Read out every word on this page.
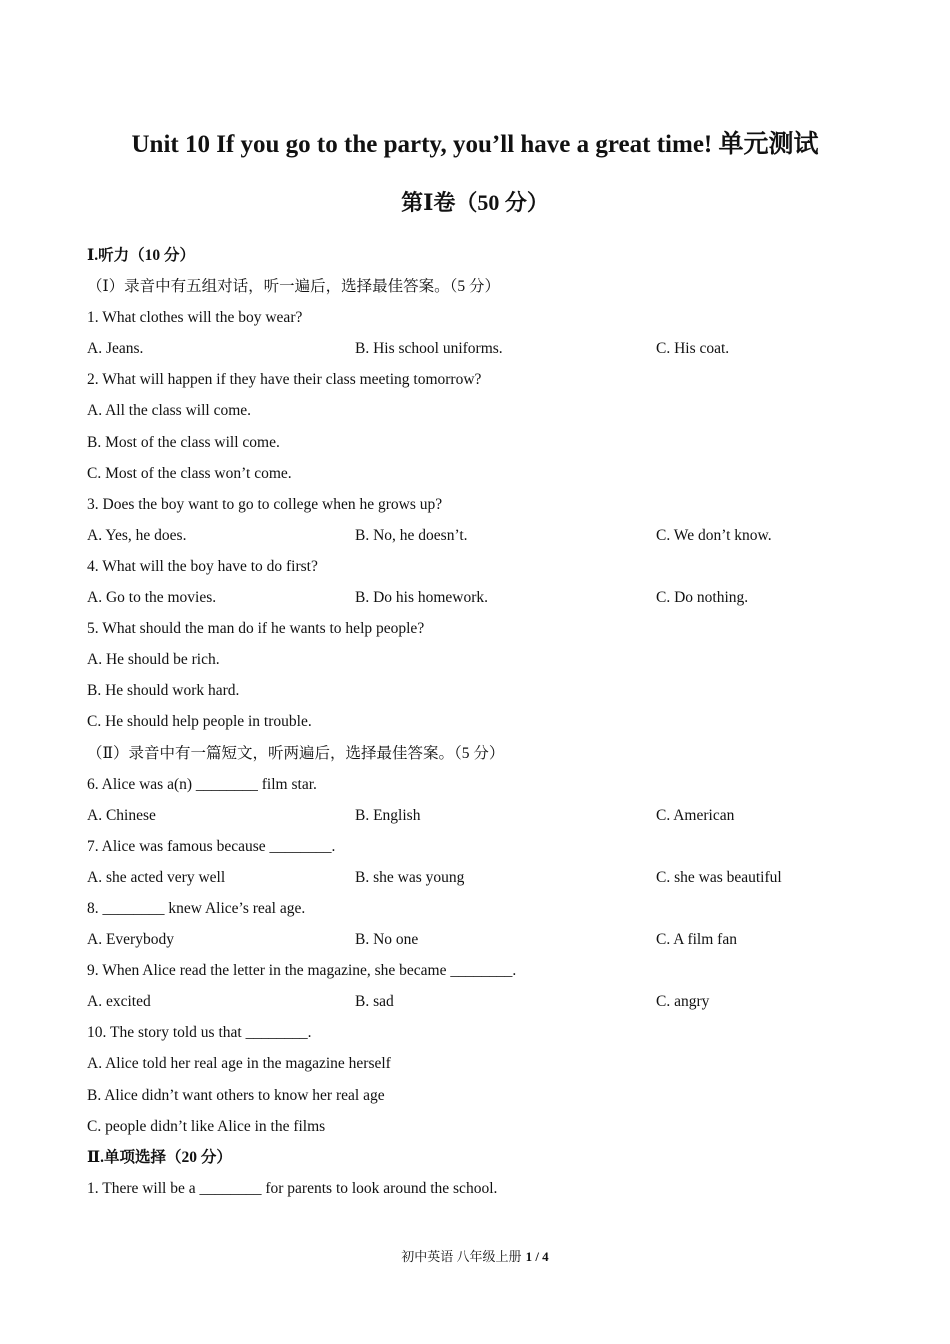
Unit 10 If you go to the party, you’ll have a great time! 单元测试
第Ⅰ卷（50 分）
Ⅰ.听力（10 分）
（Ⅰ）录音中有五组对话，听一遍后，选择最佳答案。（5 分）
1. What clothes will the boy wear?
A. Jeans.	B. His school uniforms.	C. His coat.
2. What will happen if they have their class meeting tomorrow?
A. All the class will come.
B. Most of the class will come.
C. Most of the class won’t come.
3. Does the boy want to go to college when he grows up?
A. Yes, he does.	B. No, he doesn’t.	C. We don’t know.
4. What will the boy have to do first?
A. Go to the movies.	B. Do his homework.	C. Do nothing.
5. What should the man do if he wants to help people?
A. He should be rich.
B. He should work hard.
C. He should help people in trouble.
（Ⅱ）录音中有一篇短文，听两遍后，选择最佳答案。（5 分）
6. Alice was a(n) ________ film star.
A. Chinese	B. English	C. American
7. Alice was famous because ________.
A. she acted very well	B. she was young	C. she was beautiful
8. ________ knew Alice’s real age.
A. Everybody	B. No one	C. A film fan
9. When Alice read the letter in the magazine, she became ________.
A. excited	B. sad	C. angry
10. The story told us that ________.
A. Alice told her real age in the magazine herself
B. Alice didn’t want others to know her real age
C. people didn’t like Alice in the films
Ⅱ.单项选择（20 分）
1. There will be a ________ for parents to look around the school.
初中英语 八年级上册 1 / 4
